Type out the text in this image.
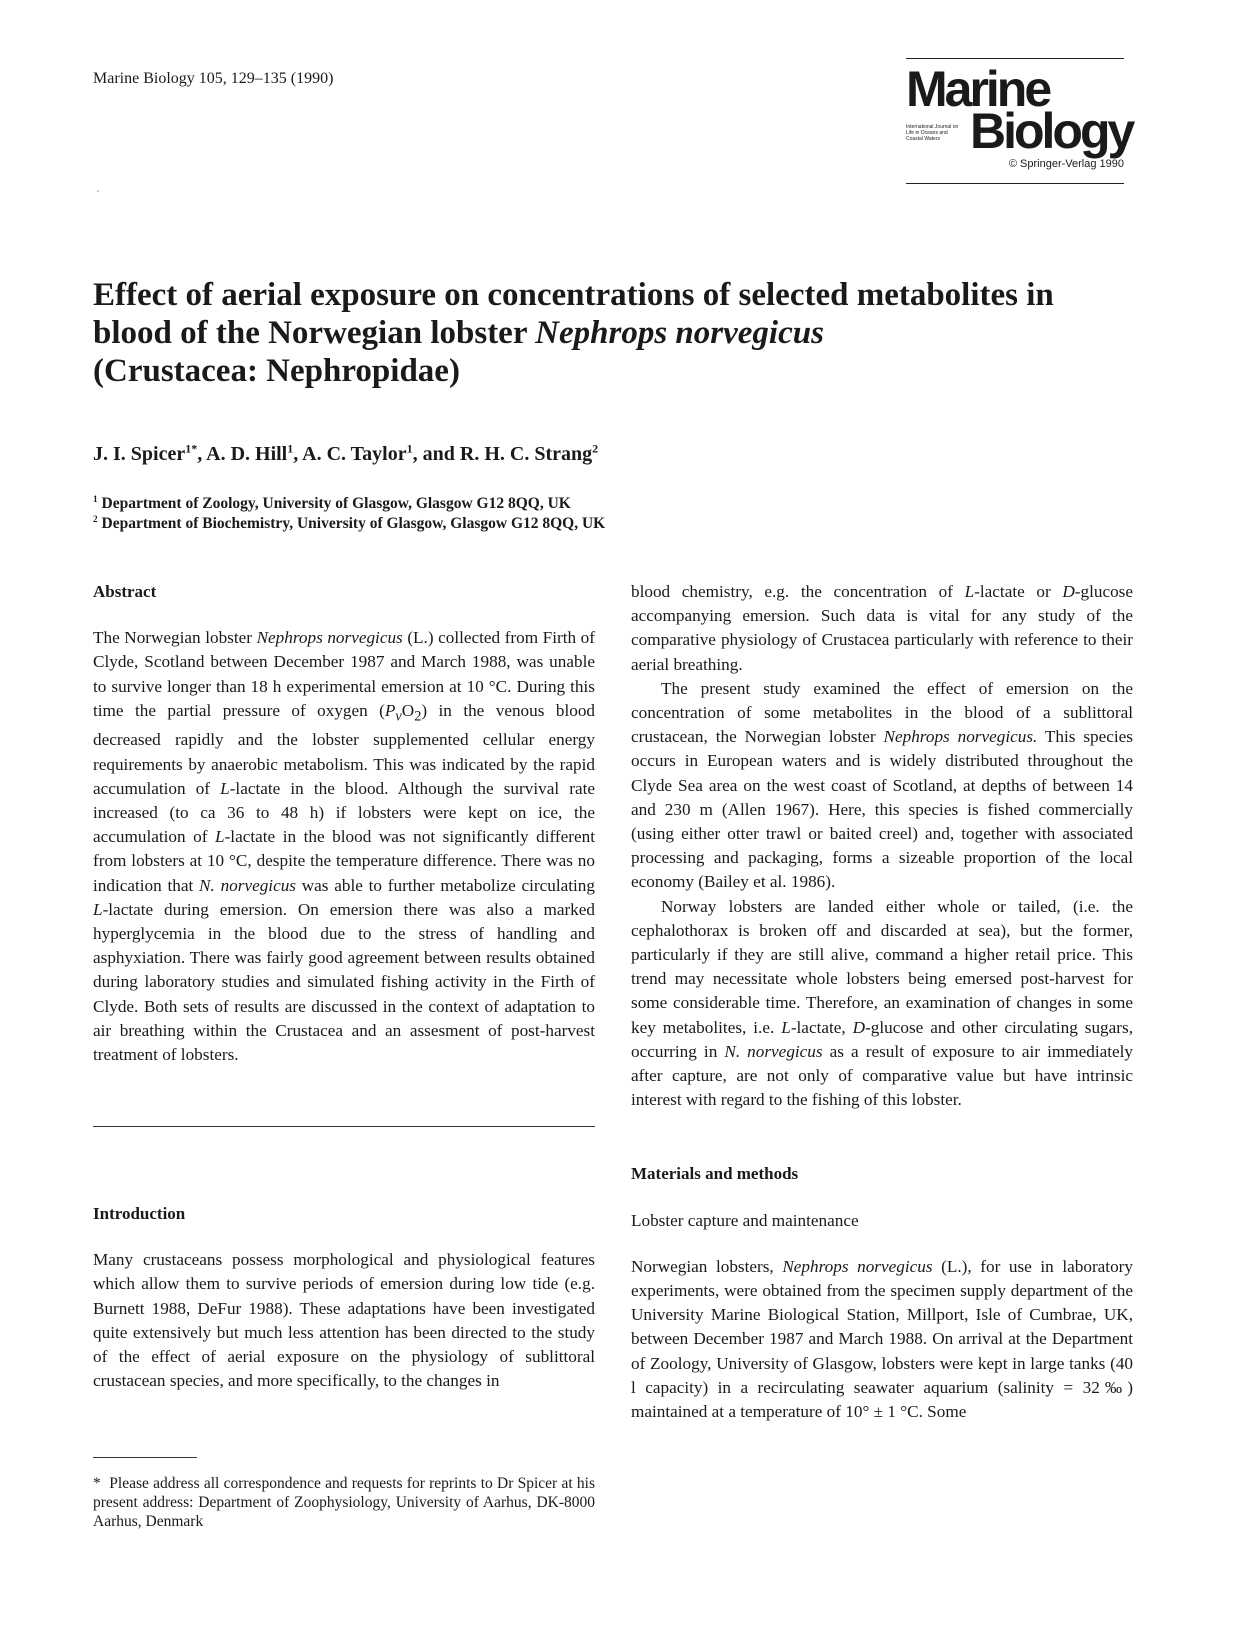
Marine Biology 105, 129–135 (1990)	Marine
International Journal on Life in Oceans and Coastal Waters Biology
© Springer-Verlag 1990
Effect of aerial exposure on concentrations of selected metabolites in blood of the Norwegian lobster Nephrops norvegicus
(Crustacea: Nephropidae)
J. I. Spicer$^{1*}$, A. D. Hill$^1$, A. C. Taylor$^1$, and R. H. C. Strang$^2$
$^1$ Department of Zoology, University of Glasgow, Glasgow G12 8QQ, UK
$^2$ Department of Biochemistry, University of Glasgow, Glasgow G12 8QQ, UK
Abstract

The Norwegian lobster Nephrops norvegicus (L.) collected from Firth of Clyde, Scotland between December 1987 and March 1988, was unable to survive longer than 18 h experimental emersion at 10 °C. During this time the partial pressure of oxygen $(P_vO_2)$ in the venous blood decreased rapidly and the lobster supplemented cellular energy requirements by anaerobic metabolism. This was indicated by the rapid accumulation of L-lactate in the blood. Although the survival rate increased (to ca 36 to 48 h) if lobsters were kept on ice, the accumulation of L-lactate in the blood was not significantly different from lobsters at 10 °C, despite the temperature difference. There was no indication that N. norvegicus was able to further metabolize circulating L-lactate during emersion. On emersion there was also a marked hyperglycemia in the blood due to the stress of handling and asphyxiation. There was fairly good agreement between results obtained during laboratory studies and simulated fishing activity in the Firth of Clyde. Both sets of results are discussed in the context of adaptation to air breathing within the Crustacea and an assesment of post-harvest treatment of lobsters.

Introduction

Many crustaceans possess morphological and physiological features which allow them to survive periods of emersion during low tide (e.g. Burnett 1988, DeFur 1988). These adaptations have been investigated quite extensively but much less attention has been directed to the study of the effect of aerial exposure on the physiology of sublittoral crustacean species, and more specifically, to the changes in

* Please address all correspondence and requests for reprints to Dr Spicer at his present address: Department of Zoophysiology, University of Aarhus, DK-8000 Aarhus, Denmark

blood chemistry, e.g. the concentration of L-lactate or D-glucose accompanying emersion. Such data is vital for any study of the comparative physiology of Crustacea particularly with reference to their aerial breathing.

The present study examined the effect of emersion on the concentration of some metabolites in the blood of a sublittoral crustacean, the Norwegian lobster Nephrops norvegicus. This species occurs in European waters and is widely distributed throughout the Clyde Sea area on the west coast of Scotland, at depths of between 14 and 230 m (Allen 1967). Here, this species is fished commercially (using either otter trawl or baited creel) and, together with associated processing and packaging, forms a sizeable proportion of the local economy (Bailey et al. 1986).

Norway lobsters are landed either whole or tailed, (i.e. the cephalothorax is broken off and discarded at sea), but the former, particularly if they are still alive, command a higher retail price. This trend may necessitate whole lobsters being emersed post-harvest for some considerable time. Therefore, an examination of changes in some key metabolites, i.e. L-lactate, D-glucose and other circulating sugars, occurring in N. norvegicus as a result of exposure to air immediately after capture, are not only of comparative value but have intrinsic interest with regard to the fishing of this lobster.

Materials and methods

Lobster capture and maintenance

Norwegian lobsters, Nephrops norvegicus (L.), for use in laboratory experiments, were obtained from the specimen supply department of the University Marine Biological Station, Millport, Isle of Cumbrae, UK, between December 1987 and March 1988. On arrival at the Department of Zoology, University of Glasgow, lobsters were kept in large tanks (40 l capacity) in a recirculating seawater aquarium (salinity = 32‰) maintained at a temperature of 10° ± 1 °C. Some
